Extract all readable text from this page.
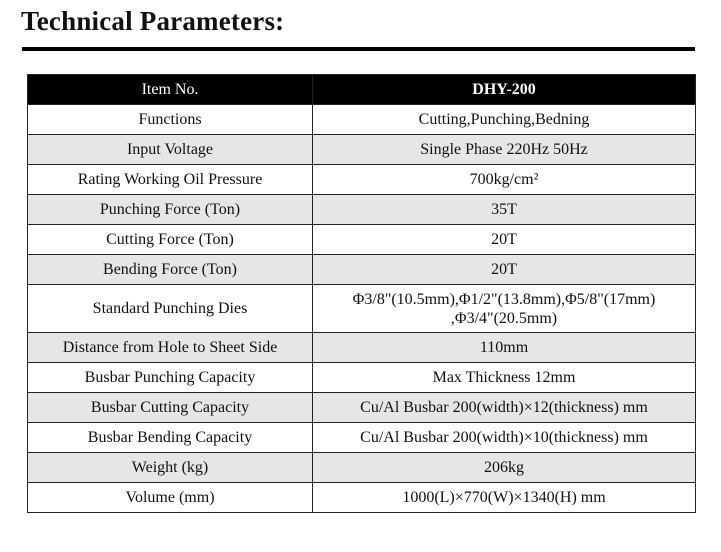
Technical Parameters:
Item No.	DHY-200
Functions	Cutting,Punching,Bedning
Input Voltage	Single Phase 220Hz 50Hz
Rating Working Oil Pressure	700kg/cm²
Punching Force (Ton)	35T
Cutting Force (Ton)	20T
Bending Force (Ton)	20T
Standard Punching Dies	Φ3/8"(10.5mm),Φ1/2"(13.8mm),Φ5/8"(17mm)
,Φ3/4"(20.5mm)
Distance from Hole to Sheet Side	110mm
Busbar Punching Capacity	Max Thickness 12mm
Busbar Cutting Capacity	Cu/Al Busbar 200(width)×12(thickness) mm
Busbar Bending Capacity	Cu/Al Busbar 200(width)×10(thickness) mm
Weight (kg)	206kg
Volume (mm)	1000(L)×770(W)×1340(H) mm
